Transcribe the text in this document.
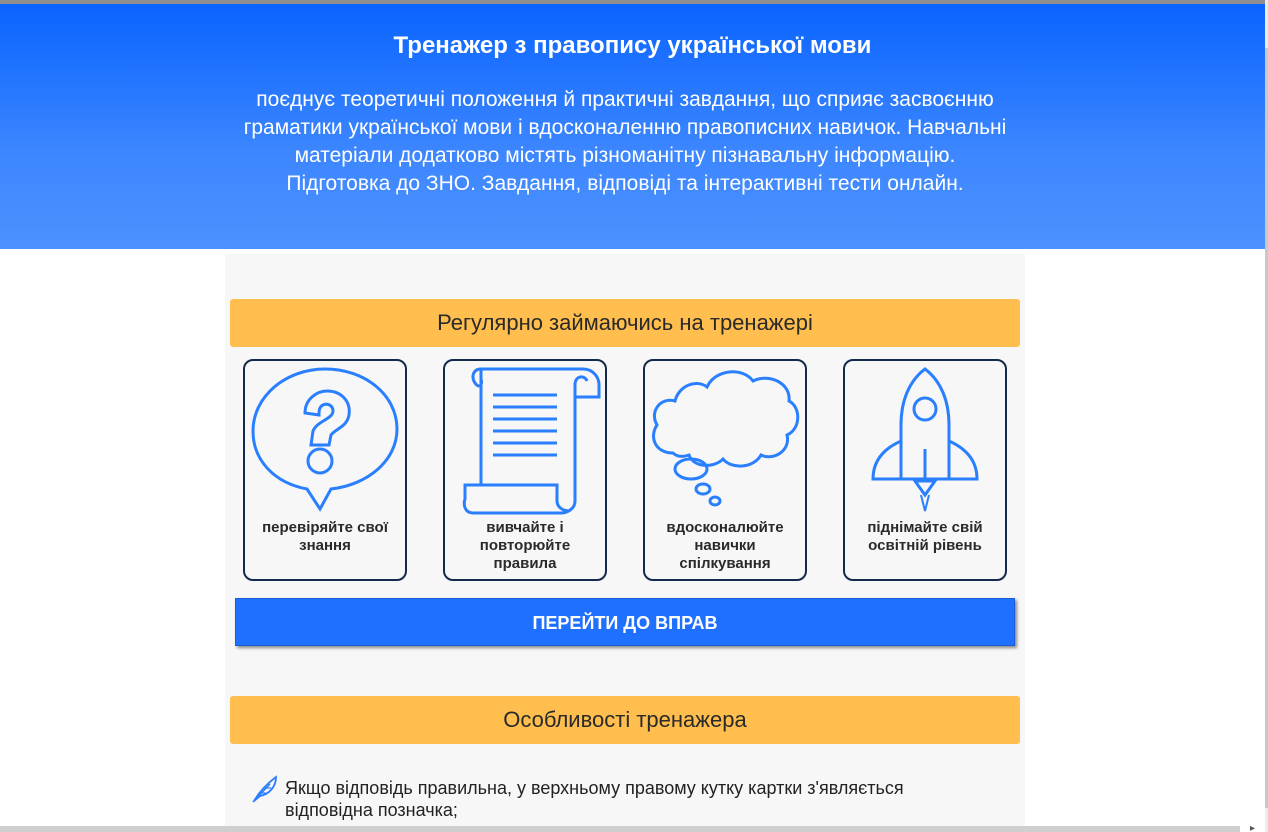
Тренажер з правопису української мови

поєднує теоретичні положення й практичні завдання, що сприяє засвоєнню граматики української мови і вдосконаленню правописних навичок. Навчальні матеріали додатково містять різноманітну пізнавальну інформацію.
Підготовка до ЗНО. Завдання, відповіді та інтерактивні тести онлайн.

Регулярно займаючись на тренажері
перевіряйте свої знання
вивчайте і повторюйте правила
вдосконалюйте навички спілкування
піднімайте свій освітній рівень
ПЕРЕЙТИ ДО ВПРАВ
Особливості тренажера
Якщо відповідь правильна, у верхньому правому кутку картки з'являється відповідна позначка;
▸
